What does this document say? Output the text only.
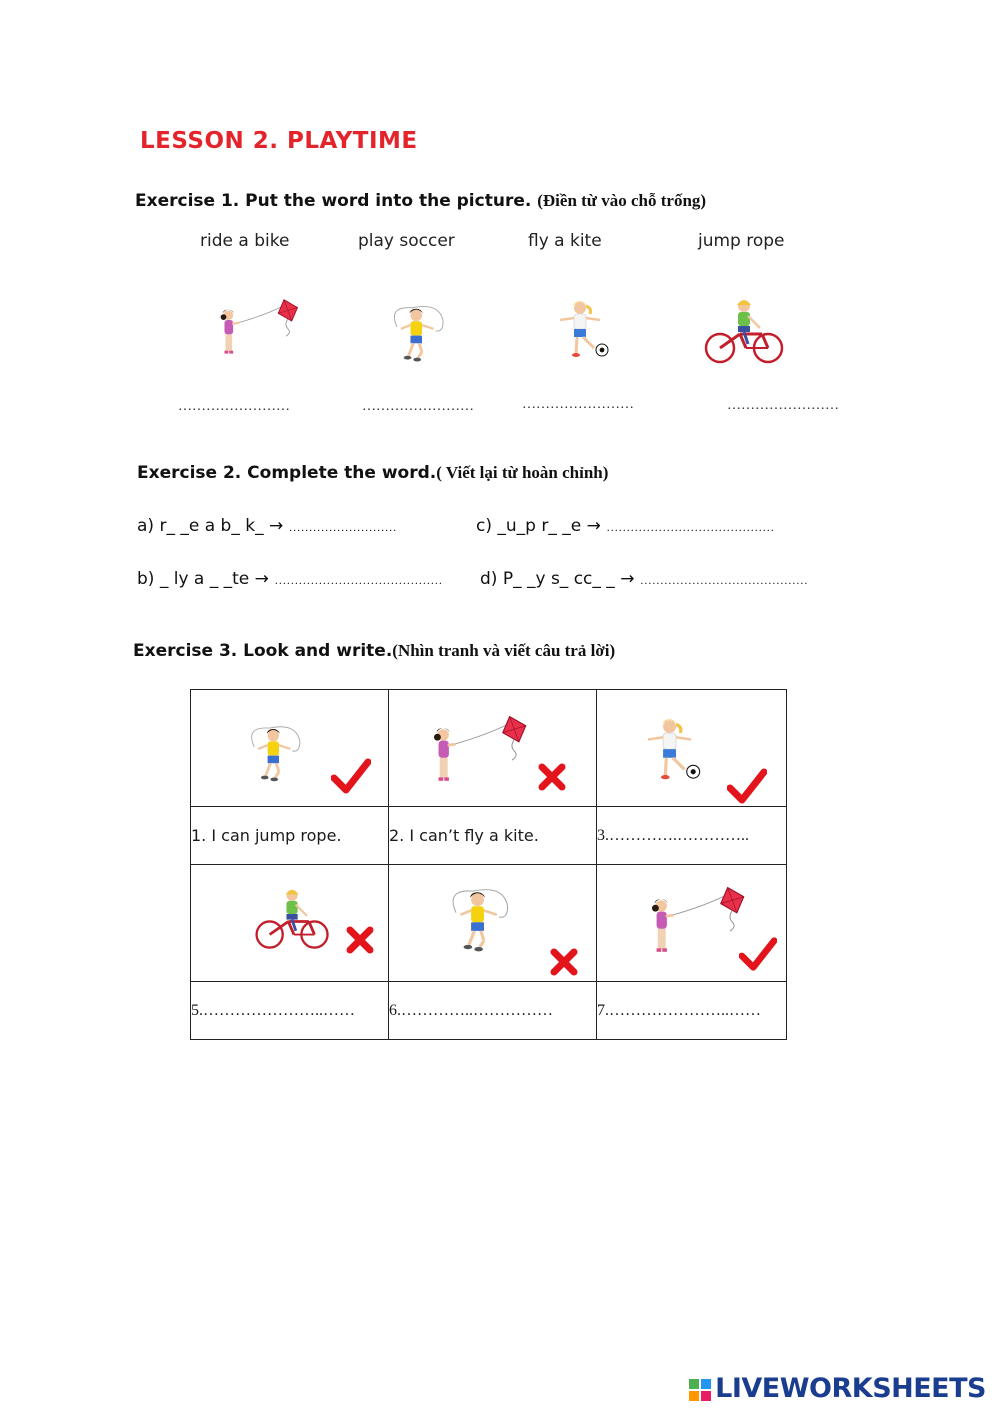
LESSON 2. PLAYTIME
Exercise 1. Put the word into the picture. (Điền từ vào chỗ trống)
ride a bike	play soccer	fly a kite	jump rope
……………………	……………………	……………………	……………………
Exercise 2. Complete the word.( Viết lại từ hoàn chỉnh)
a) r_ _e a b_ k_ → ………………………	c) _u_p r_ _e → ……………………………………
b) _ ly a _ _te → …………………………………… d) P_ _y s_ cc_ _ → ……………………………………
Exercise 3. Look and write.(Nhìn tranh và viết câu trả lời)

1. I can jump rope.	2. I can’t fly a kite.	3.………….…………..

5.…………………..……	6.…………..……………	7.…………………..……
LIVEWORKSHEETS
